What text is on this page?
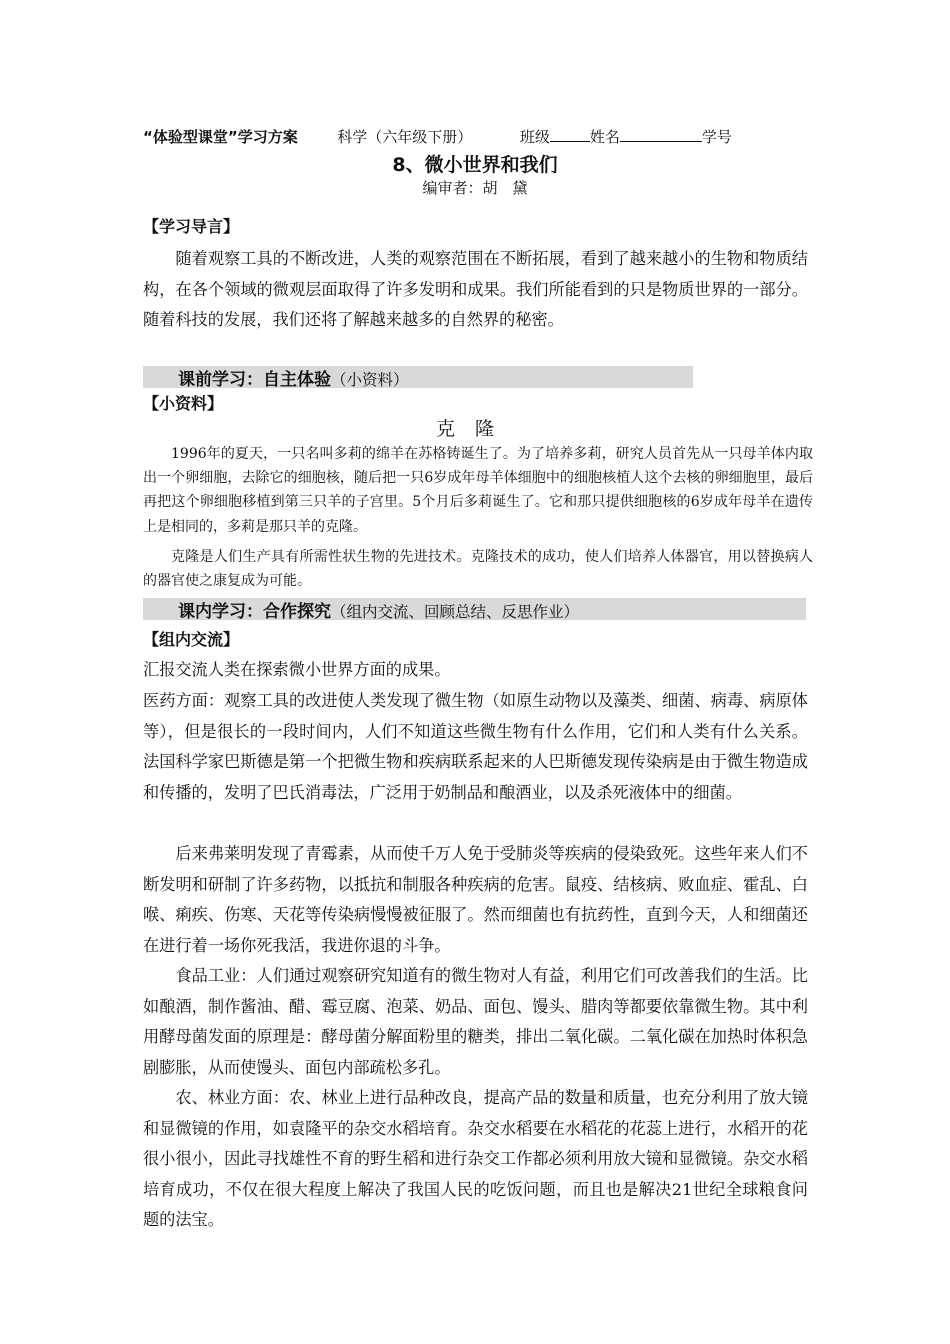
“体验型课堂”学习方案	科学（六年级下册）	班级	姓名	学号
8、微小世界和我们
编审者：胡　黛
【学习导言】
随着观察工具的不断改进，人类的观察范围在不断拓展，看到了越来越小的生物和物质结构，在各个领域的微观层面取得了许多发明和成果。我们所能看到的只是物质世界的一部分。随着科技的发展，我们还将了解越来越多的自然界的秘密。
课前学习：自主体验（小资料）
【小资料】
克隆
1996年的夏天，一只名叫多莉的绵羊在苏格铸诞生了。为了培养多莉，研究人员首先从一只母羊体内取出一个卵细胞，去除它的细胞核，随后把一只6岁成年母羊体细胞中的细胞核植人这个去核的卵细胞里，最后再把这个卵细胞移植到第三只羊的子宫里。5个月后多莉诞生了。它和那只提供细胞核的6岁成年母羊在遗传上是相同的，多莉是那只羊的克隆。
克隆是人们生产具有所需性状生物的先进技术。克隆技术的成功，使人们培养人体器官，用以替换病人的器官使之康复成为可能。
课内学习：合作探究（组内交流、回顾总结、反思作业）
【组内交流】
汇报交流人类在探索微小世界方面的成果。
医药方面：观察工具的改进使人类发现了微生物（如原生动物以及藻类、细菌、病毒、病原体等），但是很长的一段时间内，人们不知道这些微生物有什么作用，它们和人类有什么关系。法国科学家巴斯德是第一个把微生物和疾病联系起来的人巴斯德发现传染病是由于微生物造成和传播的，发明了巴氏消毒法，广泛用于奶制品和酿酒业，以及杀死液体中的细菌。
后来弗莱明发现了青霉素，从而使千万人免于受肺炎等疾病的侵染致死。这些年来人们不断发明和研制了许多药物，以抵抗和制服各种疾病的危害。鼠疫、结核病、败血症、霍乱、白喉、痢疾、伤寒、天花等传染病慢慢被征服了。然而细菌也有抗药性，直到今天，人和细菌还在进行着一场你死我活，我进你退的斗争。
食品工业：人们通过观察研究知道有的微生物对人有益，利用它们可改善我们的生活。比如酿酒，制作酱油、醋、霉豆腐、泡菜、奶品、面包、馒头、腊肉等都要依靠微生物。其中利用酵母菌发面的原理是：酵母菌分解面粉里的糖类，排出二氧化碳。二氧化碳在加热时体积急剧膨胀，从而使馒头、面包内部疏松多孔。
农、林业方面：农、林业上进行品种改良，提高产品的数量和质量，也充分利用了放大镜和显微镜的作用，如袁隆平的杂交水稻培育。杂交水稻要在水稻花的花蕊上进行，水稻开的花很小很小，因此寻找雄性不育的野生稻和进行杂交工作都必须利用放大镜和显微镜。杂交水稻培育成功，不仅在很大程度上解决了我国人民的吃饭问题，而且也是解决21世纪全球粮食问题的法宝。
